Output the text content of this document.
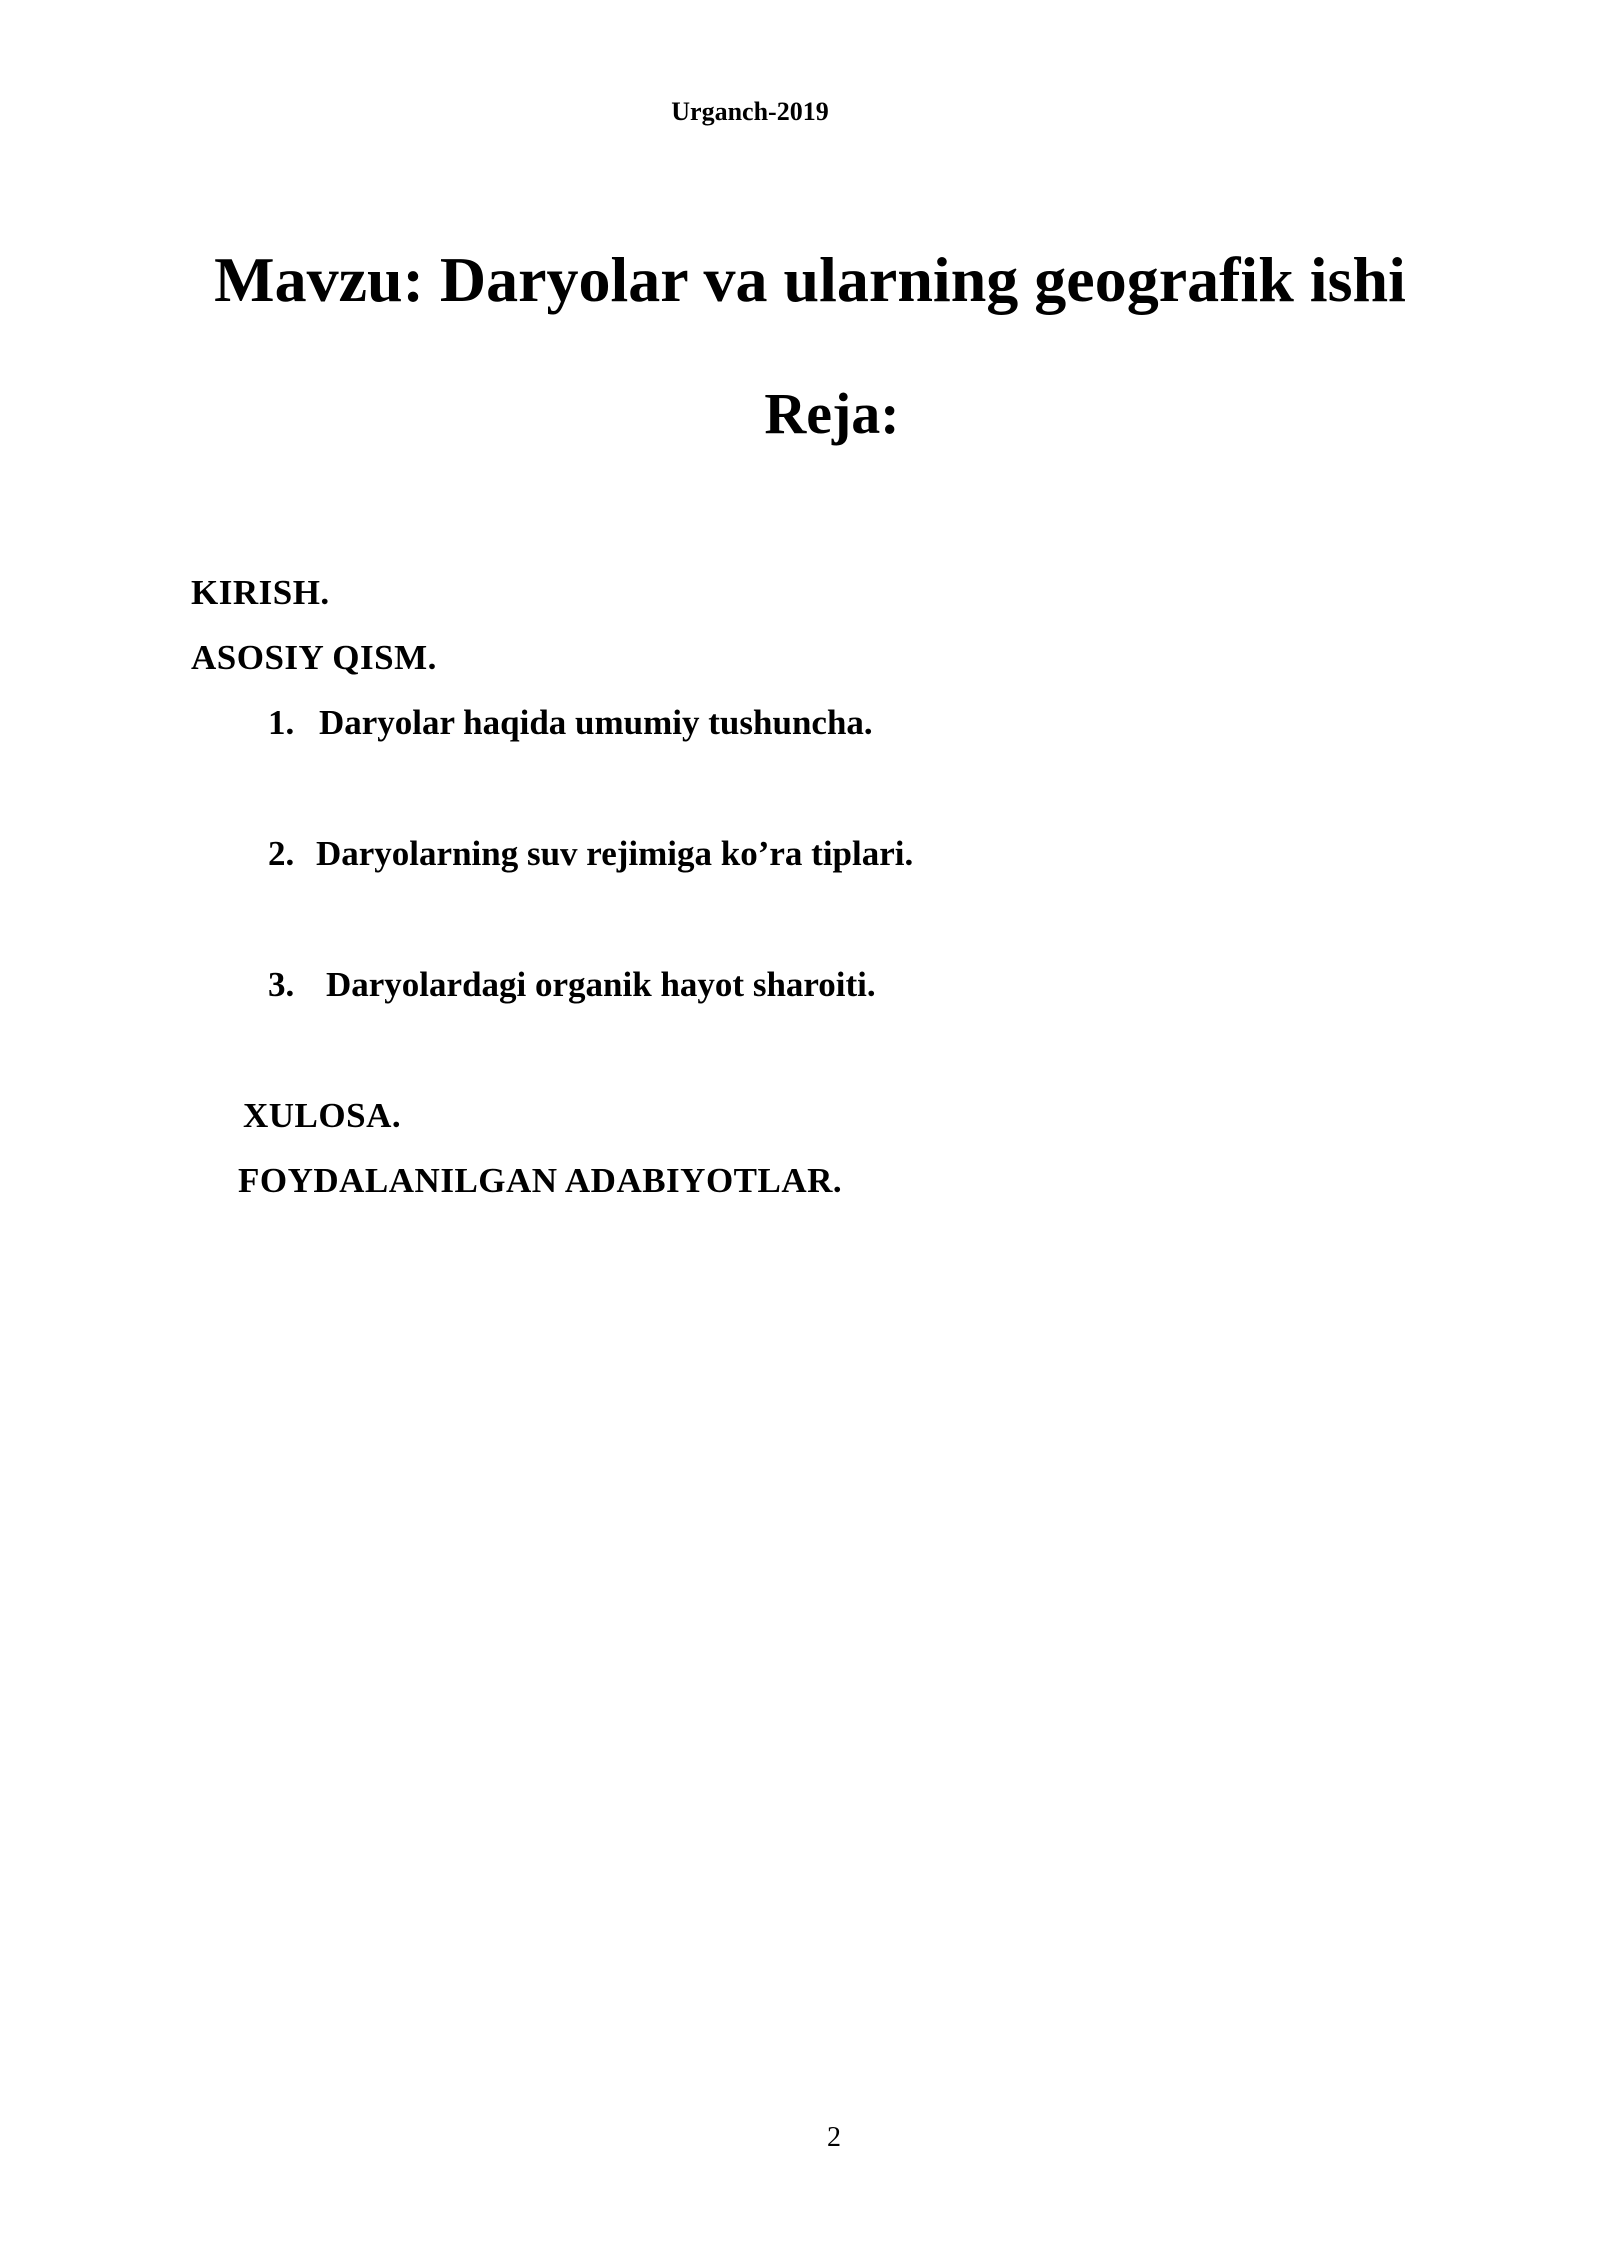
Urganch-2019
Mavzu: Daryolar va ularning geografik ishi
Reja:
KIRISH.
ASOSIY QISM.
1. Daryolar haqida umumiy tushuncha.
2. Daryolarning suv rejimiga ko’ra tiplari.
3. Daryolardagi organik hayot sharoiti.
XULOSA.
FOYDALANILGAN ADABIYOTLAR.
2
